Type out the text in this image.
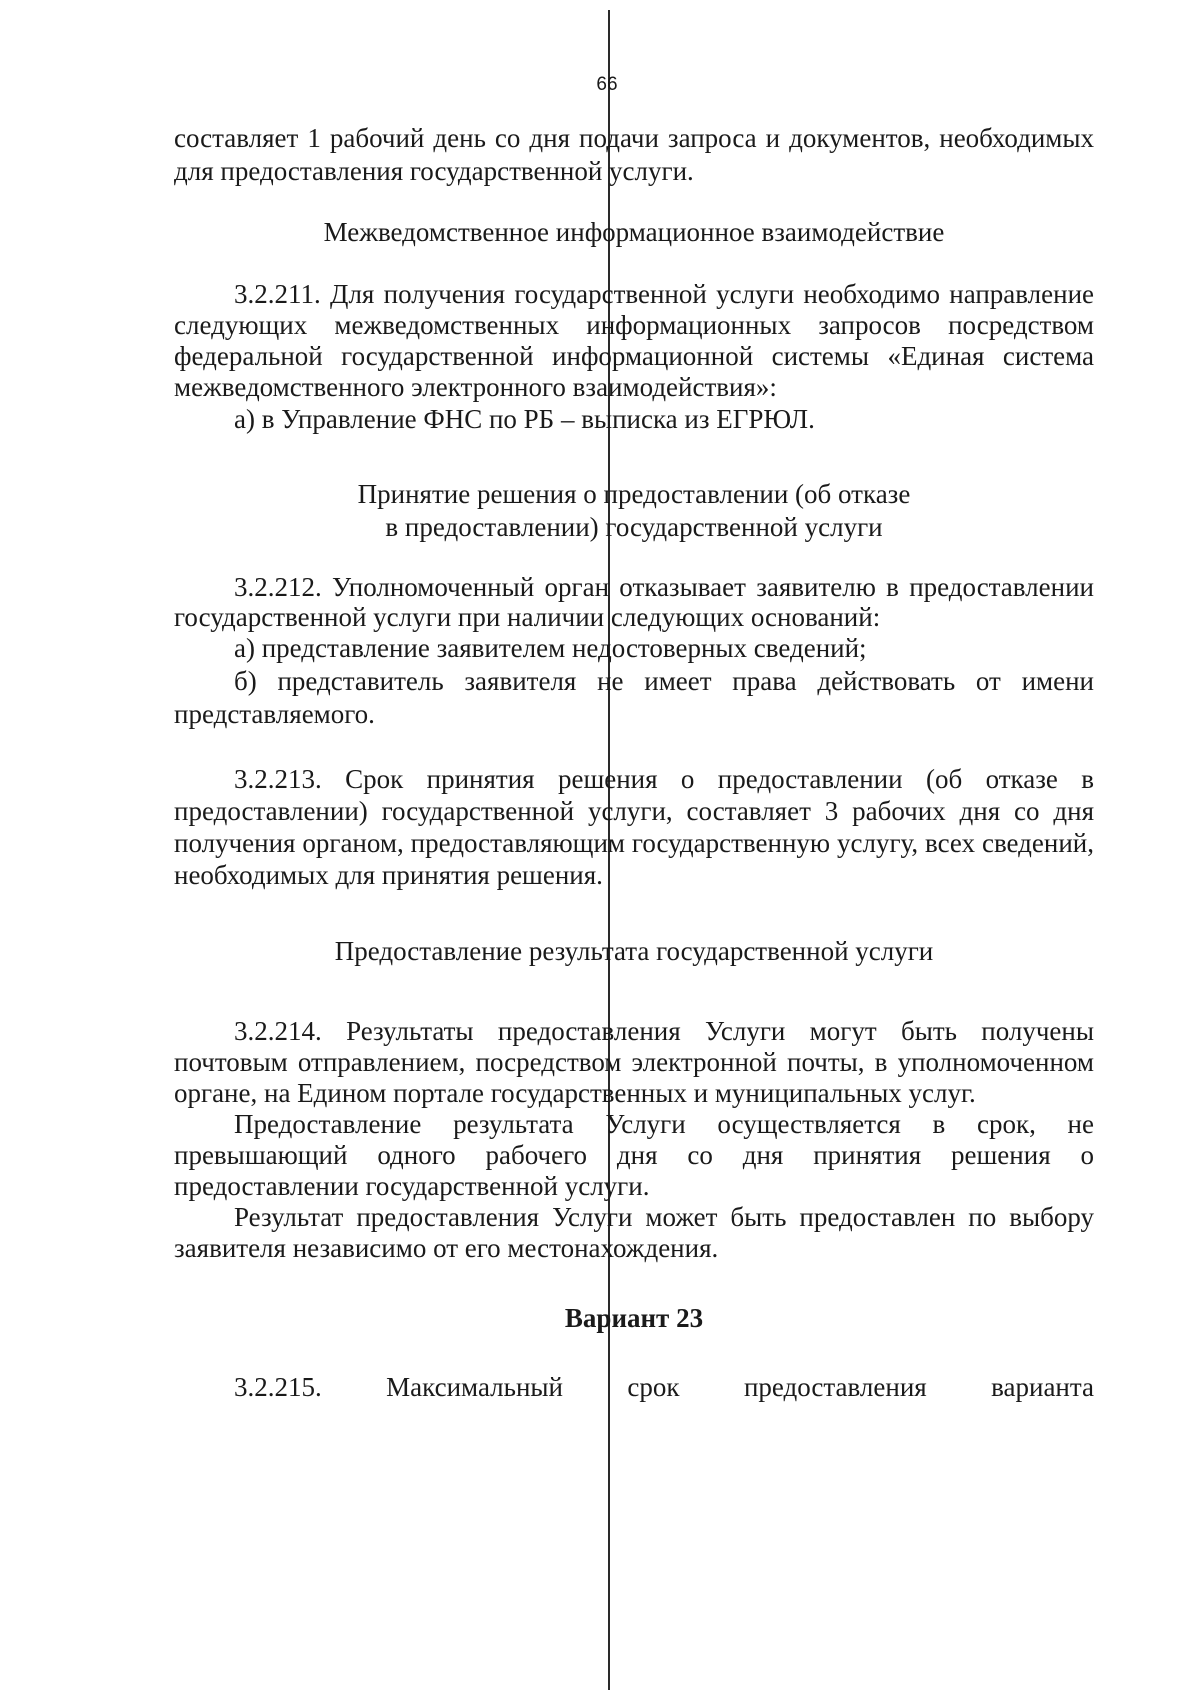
66

составляет 1 рабочий день со дня подачи запроса и документов, необходимых для предоставления государственной услуги.

Межведомственное информационное взаимодействие

3.2.211. Для получения государственной услуги необходимо направление следующих межведомственных информационных запросов посредством федеральной государственной информационной системы «Единая система межведомственного электронного взаимодействия»:

а) в Управление ФНС по РБ – выписка из ЕГРЮЛ.

Принятие решения о предоставлении (об отказе

в предоставлении) государственной услуги

3.2.212. Уполномоченный орган отказывает заявителю в предоставлении государственной услуги при наличии следующих оснований:

а) представление заявителем недостоверных сведений;

б) представитель заявителя не имеет права действовать от имени представляемого.

3.2.213. Срок принятия решения о предоставлении (об отказе в предоставлении) государственной услуги, составляет 3 рабочих дня со дня получения органом, предоставляющим государственную услугу, всех сведений, необходимых для принятия решения.

Предоставление результата государственной услуги

3.2.214. Результаты предоставления Услуги могут быть получены почтовым отправлением, посредством электронной почты, в уполномоченном органе, на Едином портале государственных и муниципальных услуг.

Предоставление результата Услуги осуществляется в срок, не превышающий одного рабочего дня со дня принятия решения о предоставлении государственной услуги.

Результат предоставления Услуги может быть предоставлен по выбору заявителя независимо от его местонахождения.

Вариант 23

3.2.215. Максимальный срок предоставления варианта
